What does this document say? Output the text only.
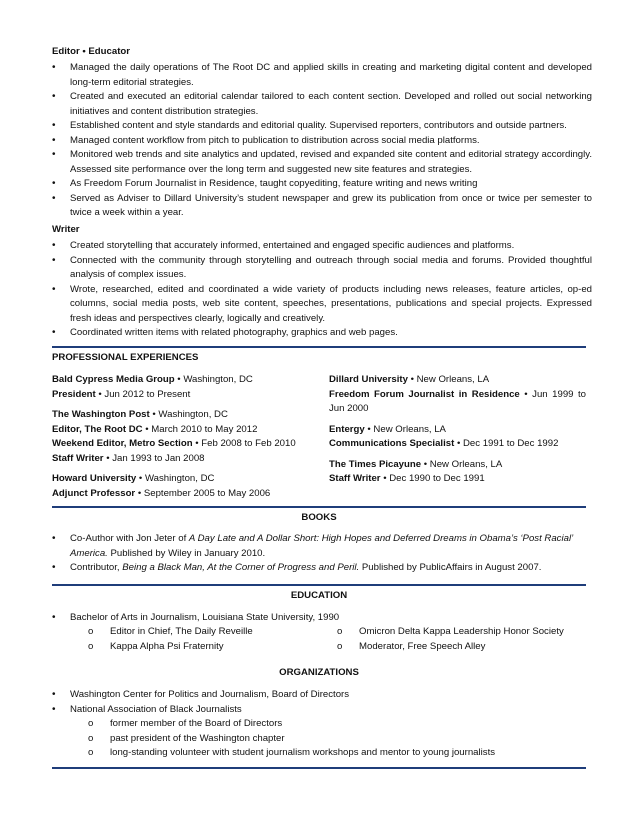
Editor • Educator

•
Managed the daily operations of The Root DC and applied skills in creating and marketing digital content and developed long-term editorial strategies.

•
Created and executed an editorial calendar tailored to each content section. Developed and rolled out social networking initiatives and content distribution strategies.

•
Established content and style standards and editorial quality. Supervised reporters, contributors and outside partners.

•
Managed content workflow from pitch to publication to distribution across social media platforms.

•
Monitored web trends and site analytics and updated, revised and expanded site content and editorial strategy accordingly. Assessed site performance over the long term and suggested new site features and strategies.

•
As Freedom Forum Journalist in Residence, taught copyediting, feature writing and news writing

•
Served as Adviser to Dillard University’s student newspaper and grew its publication from once or twice per semester to twice a week within a year.

Writer

•
Created storytelling that accurately informed, entertained and engaged specific audiences and platforms.

•
Connected with the community through storytelling and outreach through social media and forums. Provided thoughtful analysis of complex issues.

•
Wrote, researched, edited and coordinated a wide variety of products including news releases, feature articles, op-ed columns, social media posts, web site content, speeches, presentations, publications and special projects. Expressed fresh ideas and perspectives clearly, logically and creatively.

•
Coordinated written items with related photography, graphics and web pages.

PROFESSIONAL EXPERIENCES

Bald Cypress Media Group • Washington, DC

President • Jun 2012 to Present

The Washington Post • Washington, DC

Editor, The Root DC • March 2010 to May 2012

Weekend Editor, Metro Section • Feb 2008 to Feb 2010

Staff Writer • Jan 1993 to Jan 2008

Howard University • Washington, DC

Adjunct Professor • September 2005 to May 2006

Dillard University • New Orleans, LA

Freedom Forum Journalist in Residence • Jun 1999 to Jun 2000

Entergy • New Orleans, LA

Communications Specialist • Dec 1991 to Dec 1992

The Times Picayune • New Orleans, LA

Staff Writer • Dec 1990 to Dec 1991

BOOKS

•
Co-Author with Jon Jeter of A Day Late and A Dollar Short: High Hopes and Deferred Dreams in Obama’s ‘Post Racial’ America. Published by Wiley in January 2010.

•
Contributor, Being a Black Man, At the Corner of Progress and Peril. Published by PublicAffairs in August 2007.

EDUCATION

•
Bachelor of Arts in Journalism, Louisiana State University, 1990

o Editor in Chief, The Daily Reveille
o Kappa Alpha Psi Fraternity
o Omicron Delta Kappa Leadership Honor Society
o Moderator, Free Speech Alley
ORGANIZATIONS

•
Washington Center for Politics and Journalism, Board of Directors

•
National Association of Black Journalists

o former member of the Board of Directors
o past president of the Washington chapter
o long-standing volunteer with student journalism workshops and mentor to young journalists
